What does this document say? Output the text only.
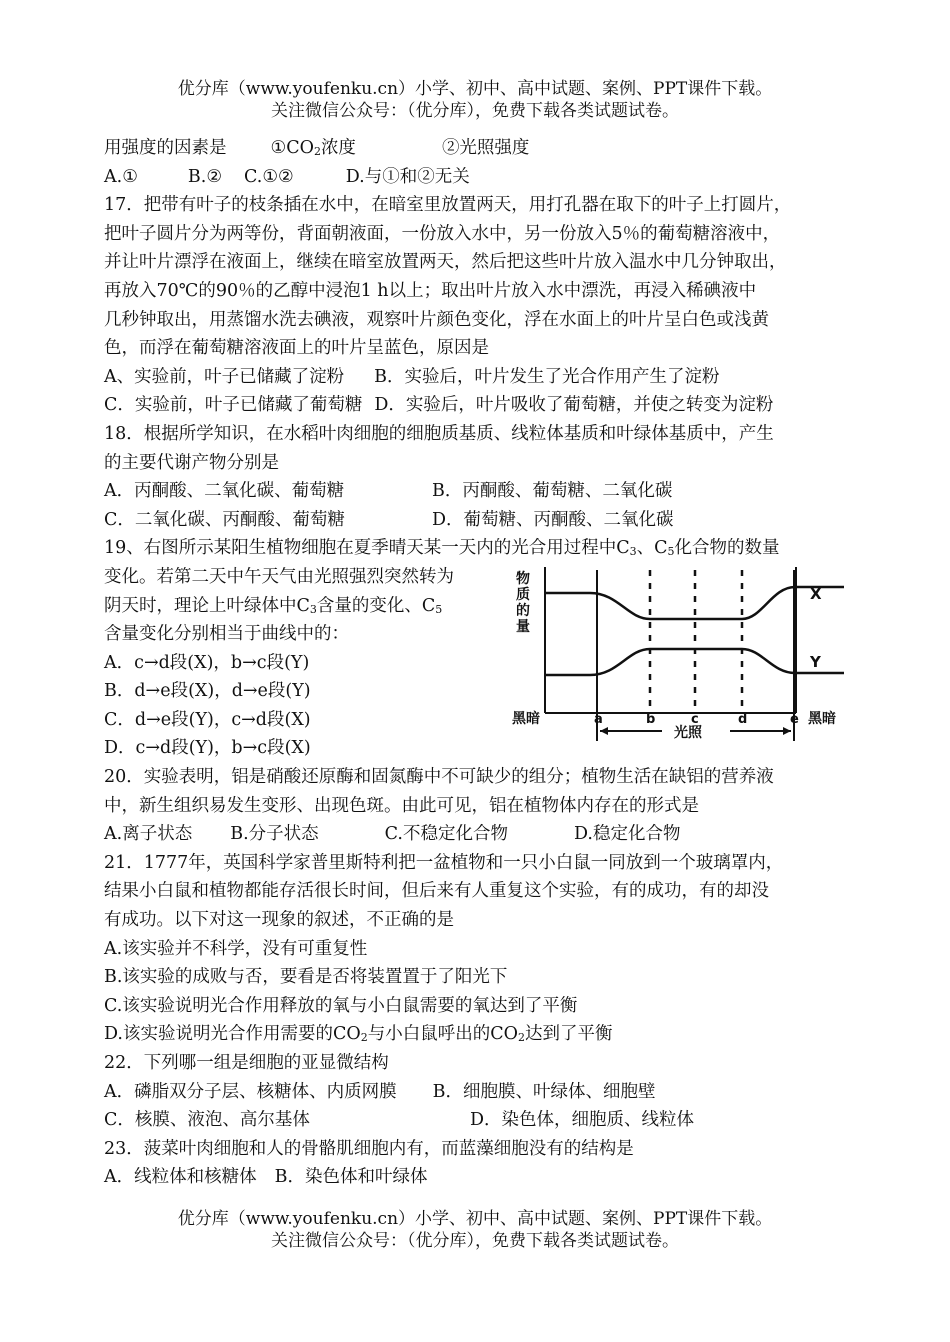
优分库（www.youfenku.cn）小学、初中、高中试题、案例、PPT课件下载。
关注微信公众号：（优分库），免费下载各类试题试卷。
用强度的因素是	$①CO_2$浓度	②光照强度
A.①	B.② C.①②	D.与①和②无关
17．把带有叶子的枝条插在水中，在暗室里放置两天，用打孔器在取下的叶子上打圆片，
把叶子圆片分为两等份，背面朝液面，一份放入水中，另一份放入5％的葡萄糖溶液中，
并让叶片漂浮在液面上，继续在暗室放置两天，然后把这些叶片放入温水中几分钟取出，
再放入70℃的90％的乙醇中浸泡1 h以上；取出叶片放入水中漂洗，再浸入稀碘液中
几秒钟取出，用蒸馏水洗去碘液，观察叶片颜色变化，浮在水面上的叶片呈白色或浅黄
色，而浮在葡萄糖溶液面上的叶片呈蓝色，原因是
A、实验前，叶子已储藏了淀粉 B．实验后，叶片发生了光合作用产生了淀粉
C．实验前，叶子已储藏了葡萄糖 D．实验后，叶片吸收了葡萄糖，并使之转变为淀粉
18．根据所学知识，在水稻叶肉细胞的细胞质基质、线粒体基质和叶绿体基质中，产生
的主要代谢产物分别是
A．丙酮酸、二氧化碳、葡萄糖	B．丙酮酸、葡萄糖、二氧化碳
C．二氧化碳、丙酮酸、葡萄糖	D．葡萄糖、丙酮酸、二氧化碳
19、右图所示某阳生植物细胞在夏季晴天某一天内的光合用过程中$C_3$、$C_5$化合物的数量
变化。若第二天中午天气由光照强烈突然转为
阴天时，理论上叶绿体中$C_3$含量的变化、$C_5$
含量变化分别相当于曲线中的：
A．c→d段(X)，b→c段(Y)
B．d→e段(X)，d→e段(Y)
C．d→e段(Y)，c→d段(X)
D．c→d段(Y)，b→c段(X)
20．实验表明，铝是硝酸还原酶和固氮酶中不可缺少的组分；植物生活在缺铝的营养液
中，新生组织易发生变形、出现色斑。由此可见，铝在植物体内存在的形式是
A.离子状态 B.分子状态	C.不稳定化合物	D.稳定化合物
21．1777年，英国科学家普里斯特利把一盆植物和一只小白鼠一同放到一个玻璃罩内，
结果小白鼠和植物都能存活很长时间，但后来有人重复这个实验，有的成功，有的却没
有成功。以下对这一现象的叙述，不正确的是
A.该实验并不科学，没有可重复性
B.该实验的成败与否，要看是否将装置置于了阳光下
C.该实验说明光合作用释放的氧与小白鼠需要的氧达到了平衡
D.该实验说明光合作用需要的$CO_2$与小白鼠呼出的$CO_2$达到了平衡
22．下列哪一组是细胞的亚显微结构
A．磷脂双分子层、核糖体、内质网膜 B．细胞膜、叶绿体、细胞壁
C．核膜、液泡、高尔基体	D．染色体，细胞质、线粒体
23．菠菜叶肉细胞和人的骨骼肌细胞内有，而蓝藻细胞没有的结构是
A．线粒体和核糖体 B．染色体和叶绿体
物
质
的
量
X
Y
黑暗	黑暗
a	b	c	d	e
光照
优分库（www.youfenku.cn）小学、初中、高中试题、案例、PPT课件下载。
关注微信公众号：（优分库），免费下载各类试题试卷。
